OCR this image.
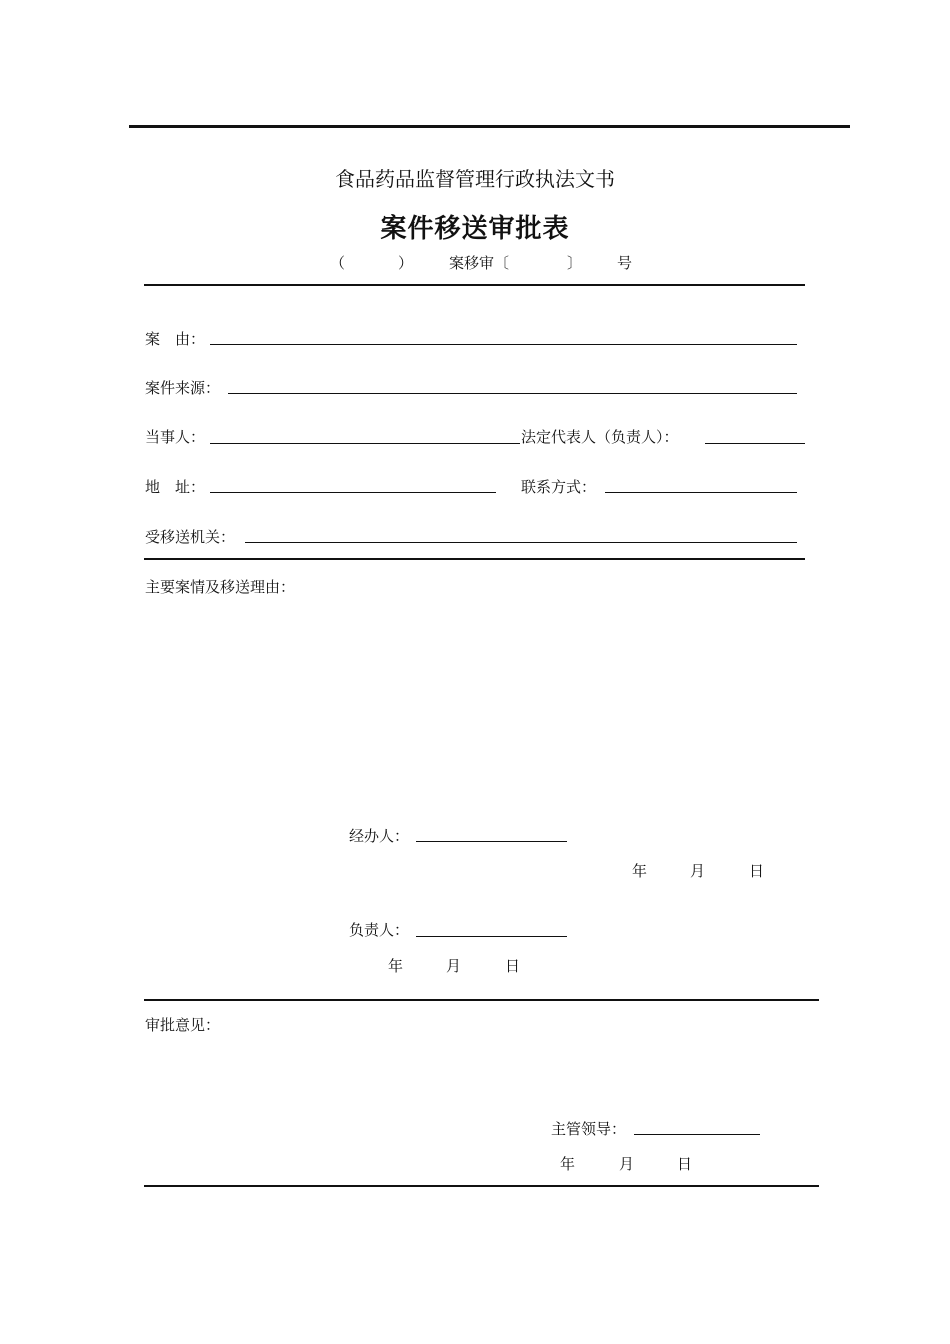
食品药品监督管理行政执法文书
案件移送审批表
（	） 案移审〔	〕 号
案　由：
案件来源：
当事人：	法定代表人（负责人）：
地　址：	联系方式：
受移送机关：
主要案情及移送理由：
经办人：
年	月	日
负责人：
年	月	日
审批意见：
主管领导：
年	月	日
